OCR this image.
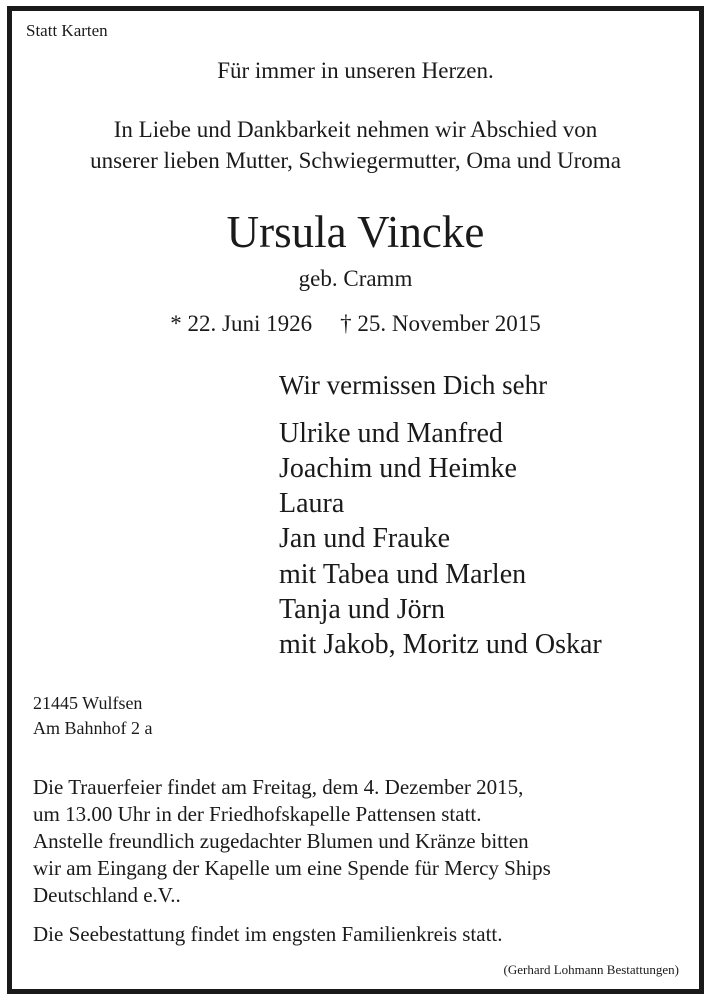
Statt Karten
Für immer in unseren Herzen.
In Liebe und Dankbarkeit nehmen wir Abschied von
unserer lieben Mutter, Schwiegermutter, Oma und Uroma
Ursula Vincke
geb. Cramm
* 22. Juni 1926 † 25. November 2015
Wir vermissen Dich sehr
Ulrike und Manfred
Joachim und Heimke
Laura
Jan und Frauke
mit Tabea und Marlen
Tanja und Jörn
mit Jakob, Moritz und Oskar
21445 Wulfsen
Am Bahnhof 2 a
Die Trauerfeier findet am Freitag, dem 4. Dezember 2015,
um 13.00 Uhr in der Friedhofskapelle Pattensen statt.
Anstelle freundlich zugedachter Blumen und Kränze bitten
wir am Eingang der Kapelle um eine Spende für Mercy Ships
Deutschland e.V..
Die Seebestattung findet im engsten Familienkreis statt.
(Gerhard Lohmann Bestattungen)
